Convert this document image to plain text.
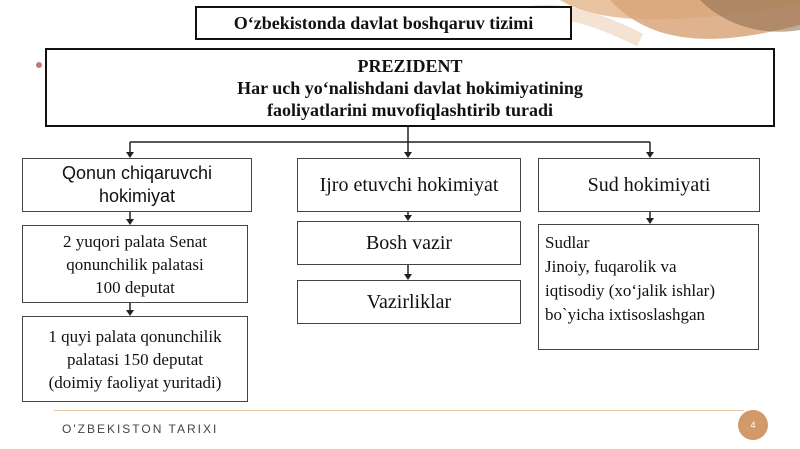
O‘zbekistonda davlat boshqaruv tizimi
PREZIDENT
Har uch yo‘nalishdani davlat hokimiyatining
faoliyatlarini muvofiqlashtirib turadi
Qonun chiqaruvchi
hokimiyat
2 yuqori palata Senat
qonunchilik palatasi
100 deputat
1 quyi palata qonunchilik
palatasi 150 deputat
(doimiy faoliyat yuritadi)
Ijro etuvchi hokimiyat
Bosh vazir
Vazirliklar
Sud hokimiyati
Sudlar
Jinoiy, fuqarolik va
iqtisodiy (xo‘jalik ishlar)
bo`yicha ixtisoslashgan
O'ZBEKISTON TARIXI	4
